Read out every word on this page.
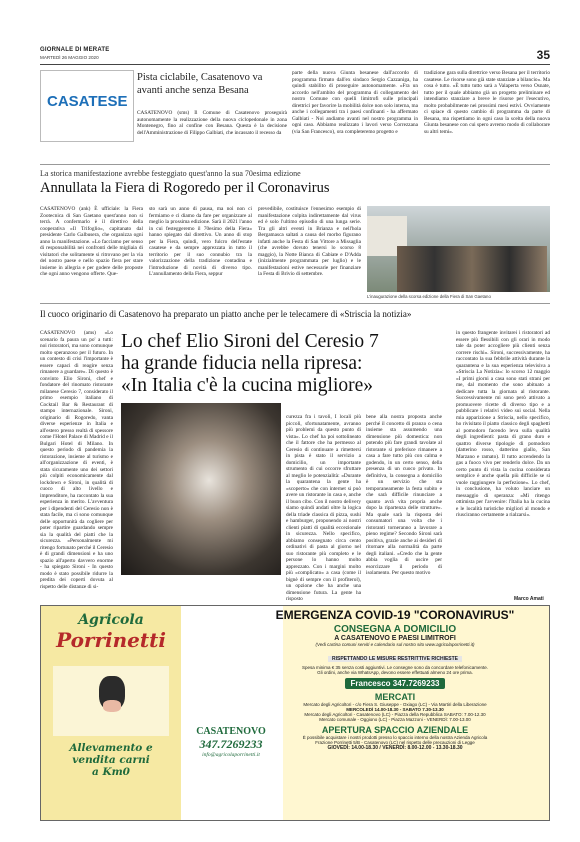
GIORNALE DI MERATE
MARTEDÌ 26 MAGGIO 2020	35
CASATESE
Pista ciclabile, Casatenovo va avanti anche senza Besana

CASATENOVO (sms) Il Comune di Casatenovo proseguirà autonomamente la realizzazione della nuova ciclopedonale in zona Montenegro, fino al confine con Besana. Questa è la decisione dell'Amministrazione di Filippo Galbiati, che incassato il recesso da

parte della nuova Giunta besanese dall'accordo di programma firmato dall'ex sindaco Sergio Cazzaniga, ha quindi stabilito di proseguire autonomamente. «Fra un accordo nell'ambito del programma di collegamento del nostro Comune con quelli limitrofi sulle principali direttrici per favorire la mobilità dolce non solo interna, ma anche i collegamenti tra i paesi confinanti - ha affermato Galbiati - Noi andiamo avanti nel nostro programma in ogni caso. Abbiamo realizzato i lavori verso Correzzana (via San Francesco), ora completeremo progetto e

tradizione gara sulla direttrice verso Besana per il territorio casatese. Le risorse sono già state stanziate a bilancio». Ma cosa è tutto. «È tutto tutto sarà a Valaperta verso Osnate, tutto per il quale abbiamo già un progetto preliminare ed intendiamo stanziare a breve le risorse per l'esecutivo, molto probabilmente nei prossimi mesi estivi. Ovviamente ci spiace di questo cambio di programma da parte di Besana, ma rispettiamo in ogni caso la scelta della nuova Giunta besanese con cui spero avremo modo di collaborare su altri temi».

La storica manifestazione avrebbe festeggiato quest'anno la sua 70esima edizione
Annullata la Fiera di Rogoredo per il Coronavirus

CASATENOVO (ank) È ufficiale: la Fiera Zootecnica di San Gaetano quest'anno non si terrà. A confermarlo è il direttivo della cooperativa «Il Trifoglio», capitanato dal presidente Carlo Galbusera, che organizza ogni anno la manifestazione. «Lo facciamo per senso di responsabilità nei confronti delle migliaia di visitatori che solitamente si ritrovano per la via del nostro paese e nello spazio fiera per stare insieme in allegria e per godere delle proposte che ogni anno vengono offerte. Que-

sto sarà un anno di pausa, ma noi non ci fermiamo e ci diamo da fare per organizzare al meglio la prossima edizione. Sarà il 2021 l'anno in cui festeggeremo il 70esimo della Fiera» hanno spiegato dal direttivo. Un anno di stop per la Fiera, quindi, vero fulcro dell'estate casatese e da sempre apprezzata in tutto il territorio per il suo connubio tra la valorizzazione della tradizione contadina e l'introduzione di novità di diverso tipo. L'annullamento della Fiera, seppur

prevedibile, costituisce l'ennesimo esempio di manifestazione colpita indirettamente dal virus ed è solo l'ultimo episodio di una lunga serie. Tra gli altri eventi in Brianza e nell'hola Bergamasca saltati a causa del morbo figurano infatti anche la Festa di San Vittore a Missaglia (che avrebbe dovuto tenersi lo scorso 8 maggio), la Notte Bianca di Cabiate e D'Adda (inizialmente programmata per luglio) e le manifestazioni estive necessarie per finanziare la Festa di Brivio di settembre.

L'inaugurazione della scorsa edizione della Fiera di San Gaetano
Il cuoco originario di Casatenovo ha preparato un piatto anche per le telecamere di «Striscia la notizia»

CASATENOVO (ams) «Lo scenario fa paura un po' a tutti: noi ristoratori, ma sono comunque molto speranzoso per il futuro. In un contesto di crisi l'importante è essere capaci di reagire senza rimanere a guardare». Di questo è convinto Elio Sironi, chef e fondatore del rinomato ristorante milanese Ceresio 7, considerato il primo esempio italiano di Cocktail Bar & Restaurant di stampo internazionale. Sironi, originario di Rogoredo, vanta diverse esperienze in Italia e all'estero presso realtà di spessore come l'Hotel Palace di Madrid e il Bulgari Hotel di Milano. In questo periodo di pandemia la ristorazione, insieme al turismo e all'organizzazione di eventi, è stata sicuramente uno dei settori più colpiti economicamente dal lockdown e Sironi, in qualità di cuoco di alto livello e imprenditore, ha raccontato la sua esperienza in merito. L'avventura per i dipendenti del Ceresio non è stata facile, ma ci sono comunque delle opportunità da cogliere per poter ripartire guardando sempre sia la qualità del piatti che la sicurezza. «Personalmente mi ritengo fortunato perché il Ceresio è di grandi dimensioni e ha uno spazio all'aperto davvero enorme - ha spiegato Sironi - In questo modo è stato possibile ridurre la predita dei coperti dovuta al rispetto delle distanze di si-

Lo chef Elio Sironi del Ceresio 7
ha grande fiducia nella ripresa:
«In Italia c'è la cucina migliore»

curezza fra i tavoli, I locali più piccoli, sfortunatamente, avranno più problemi da questo punto di vista». Lo chef ha poi sottolineato che il fattore che ha permesso al Ceresio di continuare a rimettersi in pista è stato il servizio a domicilio, un importante strumento di cui occorre sfruttare al meglio le potenzialità: «Durante la quarantena la gente ha «scoperto» che con internet si può avere un ristorante in casa e, anche il buon cibo. Con il nostro delivery siamo quindi andati oltre la logica della triade classica di pizza, sushi e hamburger, proponendo ai nostri clienti piatti di qualità eccezionale in sicurezza. Nello specifico, abbiamo consegnato circa cento ordinativi di pasta al giorno nel suo ristorante più completo e le persone lo hanno molto apprezzato. Con i margini molto più «complicato» a casa (come il bignè di sempre con il profiterol), un opzione che ha anche una dimensione futura. La gente ha risposto

bene alla nostra proposta anche perché il concetto di pranzo o cena insieme sta assumendo una dimensione più domestica: non potendo più fare grandi tavolate al ristorante si preferisce rimanere a casa a fare tutto più con calma e godendo, in un certo senso, della presenza di un cuoco privato. In definitiva, la consegna a domicilio è un servizio che sta temporaneamente la festa subito e che sarà difficile rinunciare a quanto avrà vita propria anche dopo la ripartenza delle strutture». Ma quale sarà la risposta dei consumatori una volta che i ristoranti torneranno a lavorare a pieno regime? Secondo Sironi sarà positiva, grazie anche ai desideri di ritornare alla normalità da parte degli italiani. «Credo che la gente abbia voglia di uscire per esorcizzare il periodo di isolamento. Per questo motivo

in questo frangente invitarei i ristoratori ad essere più flessibili con gli orari in modo tale da poter accogliere più clienti senza correre rischi». Sironi, successivamente, ha raccontato la sua febbrile attività durante la quarantena e la sua esperienza televisiva a «Striscia La Notizia»: lo scorso 12 maggio «I primi giorni a casa sono stati strani per me, dal momento che sono abituato a dedicare tutta la giornata al ristorante. Successivamente mi sono però attivato a promuovere ricette di diverso tipo e a pubblicare i relativi video sui social. Nella mia apparizione a Striscia, nello specifico, ho rivisitato il piatto classico degli spaghetti al pomodoro facendo leva sulla qualità degli ingredienti: pasta di grano duro e quattro diverse tipologie di pomodoro (datterino rosso, datterino giallo, San Marzano e ramato). Il tutto accendendo la gas a fuoco vivo per renderlo dolce. Da un certo punto di vista la cucina considerata semplice è anche quella più difficile se si vuole raggiungere la perfezione». Lo chef, in conclusione, ha voluto lanciare un messaggio di speranza: «Mi ritengo ottimista per l'avvenire: l'Italia ha la cucina e le località turistiche migliori al mondo e riusciranno certamente a rialzarsi».

Marco Amati
Agricola
Porrinetti
Allevamento e
vendita carni
a Km0
CASATENOVO
347.7269233
info@agricolaporrinetti.it
EMERGENZA COVID-19 "CORONAVIRUS"
CONSEGNA A DOMICILIO
A CASATENOVO E PAESI LIMITROFI
(Vedi cartina comuni serviti e calendario sul nostro sito www.agricolaporrinetti.it)
RISPETTANDO LE MISURE RESTRITTIVE RICHIESTE
Spesa minima € 35 senza costi aggiuntivi. Le consegne sono da concordare telefonicamente.
Gli ordini, anche via WhatsApp, devono essere effettuati almeno 24 ore prima.
Francesco 347.7269233
MERCATI
Mercato degli Agricoltori - c/o Fiera S. Giuseppe - Oxiago (LC) - Via Martiri della Liberazione
MERCOLEDÌ 14.00-18.30 - SABATO 7.30-13.30
Mercato degli Agricoltori - Casatenovo (LC) - Piazza della Repubblica SABATO: 7.00-12.30
Mercato comunale - Oggiono (LC) - Piazza Mazzoni - VENERDÌ: 7.00-13.00
APERTURA SPACCIO AZIENDALE
È possibile acquistare i nostri prodotti presso lo spaccio interno della nostra Azienda Agricola
Frazione Porrinetti 5/B - Casatenovo (LC) nel rispetto delle precauzioni di Legge
GIOVEDÌ: 14.00-18.30 / VENERDÌ: 8.00-12.00 - 13.30-18.30
